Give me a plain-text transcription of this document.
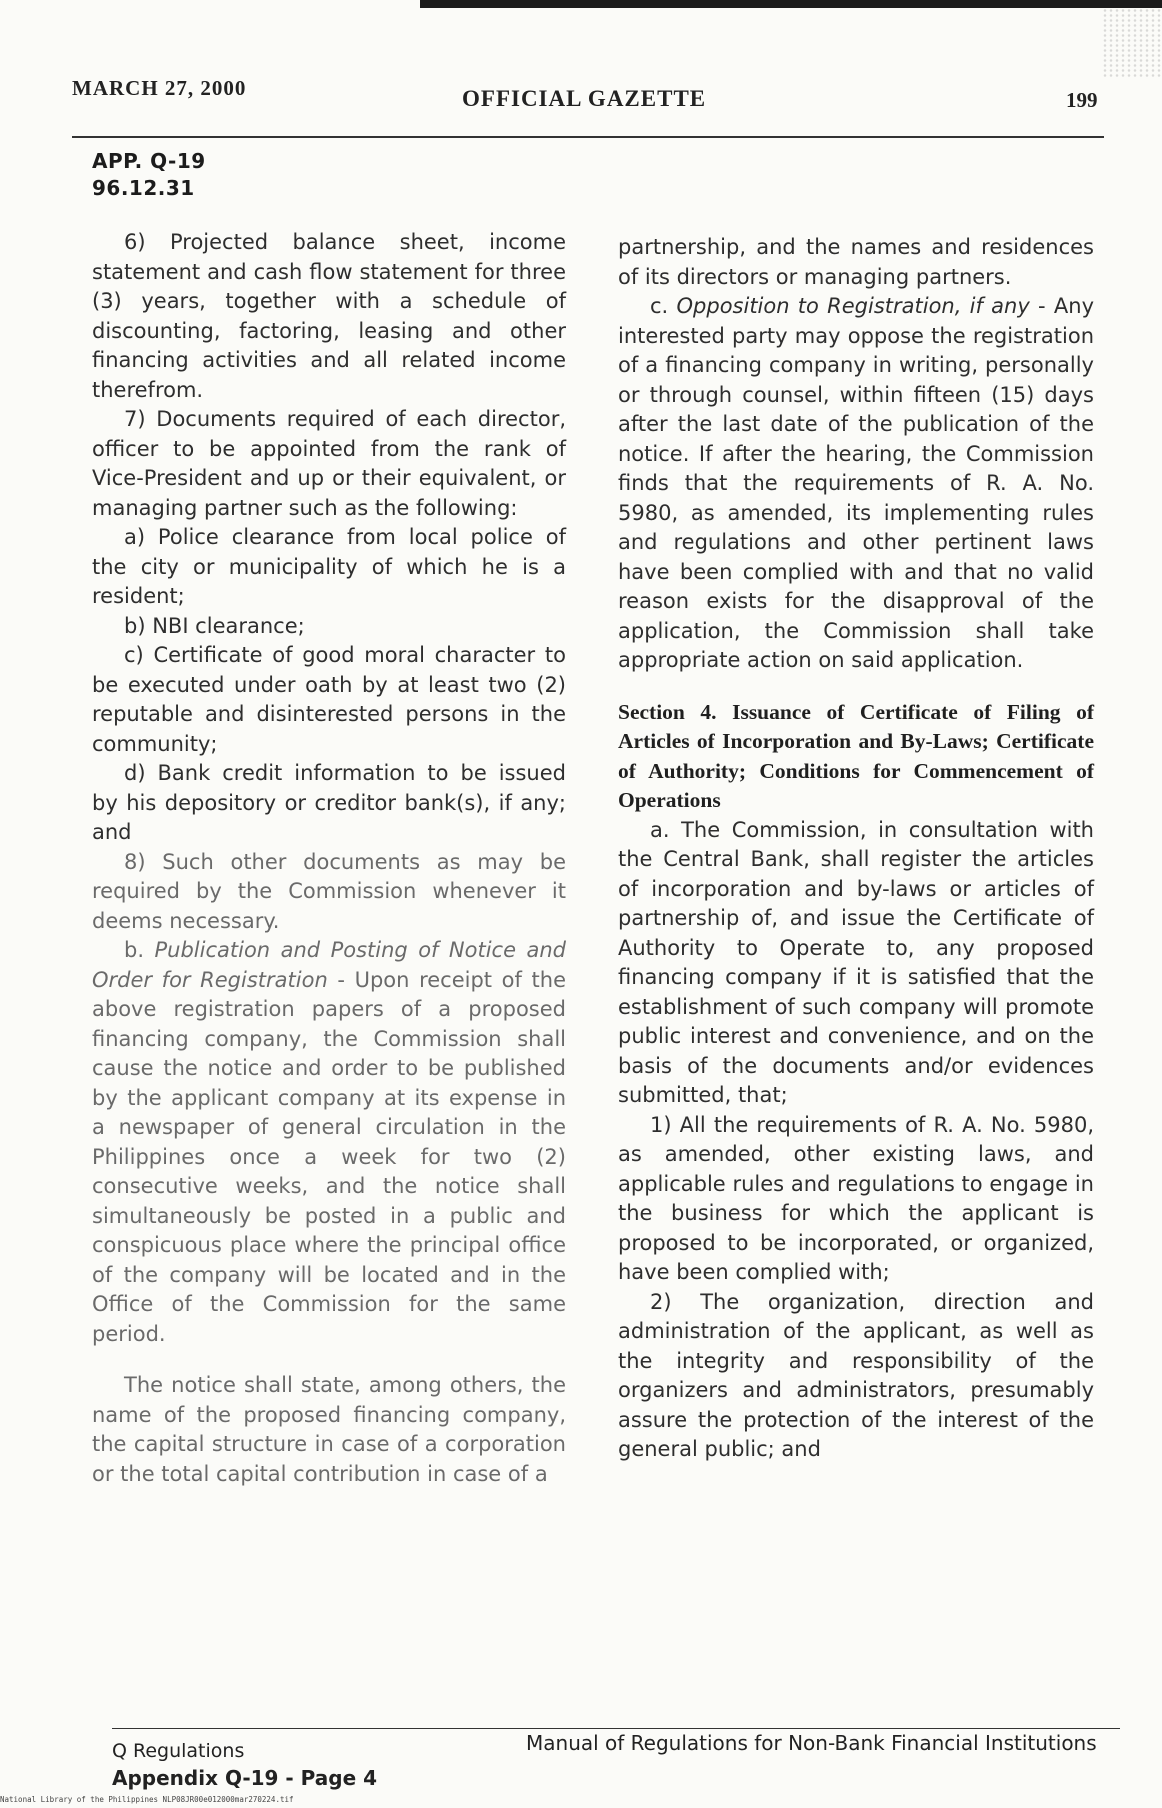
MARCH 27, 2000	OFFICIAL GAZETTE	199
APP. Q-19
96.12.31

6) Projected balance sheet, income statement and cash flow statement for three (3) years, together with a schedule of discounting, factoring, leasing and other financing activities and all related income therefrom.

7) Documents required of each director, officer to be appointed from the rank of Vice-President and up or their equivalent, or managing partner such as the following:

a) Police clearance from local police of the city or municipality of which he is a resident;

b) NBI clearance;

c) Certificate of good moral character to be executed under oath by at least two (2) reputable and disinterested persons in the community;

d) Bank credit information to be issued by his depository or creditor bank(s), if any; and

8) Such other documents as may be required by the Commission whenever it deems necessary.

b. Publication and Posting of Notice and Order for Registration - Upon receipt of the above registration papers of a proposed financing company, the Commission shall cause the notice and order to be published by the applicant company at its expense in a newspaper of general circulation in the Philippines once a week for two (2) consecutive weeks, and the notice shall simultaneously be posted in a public and conspicuous place where the principal office of the company will be located and in the Office of the Commission for the same period.

The notice shall state, among others, the name of the proposed financing company, the capital structure in case of a corporation or the total capital contribution in case of a

partnership, and the names and residences of its directors or managing partners.

c. Opposition to Registration, if any - Any interested party may oppose the registration of a financing company in writing, personally or through counsel, within fifteen (15) days after the last date of the publication of the notice. If after the hearing, the Commission finds that the requirements of R. A. No. 5980, as amended, its implementing rules and regulations and other pertinent laws have been complied with and that no valid reason exists for the disapproval of the application, the Commission shall take appropriate action on said application.

Section 4. Issuance of Certificate of Filing of Articles of Incorporation and By-Laws; Certificate of Authority; Conditions for Commencement of Operations

a. The Commission, in consultation with the Central Bank, shall register the articles of incorporation and by-laws or articles of partnership of, and issue the Certificate of Authority to Operate to, any proposed financing company if it is satisfied that the establishment of such company will promote public interest and convenience, and on the basis of the documents and/or evidences submitted, that;

1) All the requirements of R. A. No. 5980, as amended, other existing laws, and applicable rules and regulations to engage in the business for which the applicant is proposed to be incorporated, or organized, have been complied with;

2) The organization, direction and administration of the applicant, as well as the integrity and responsibility of the organizers and administrators, presumably assure the protection of the interest of the general public; and

Q Regulations
Appendix Q-19 - Page 4
Manual of Regulations for Non-Bank Financial Institutions
National Library of the Philippines NLP08JR00e012000mar270224.tif
